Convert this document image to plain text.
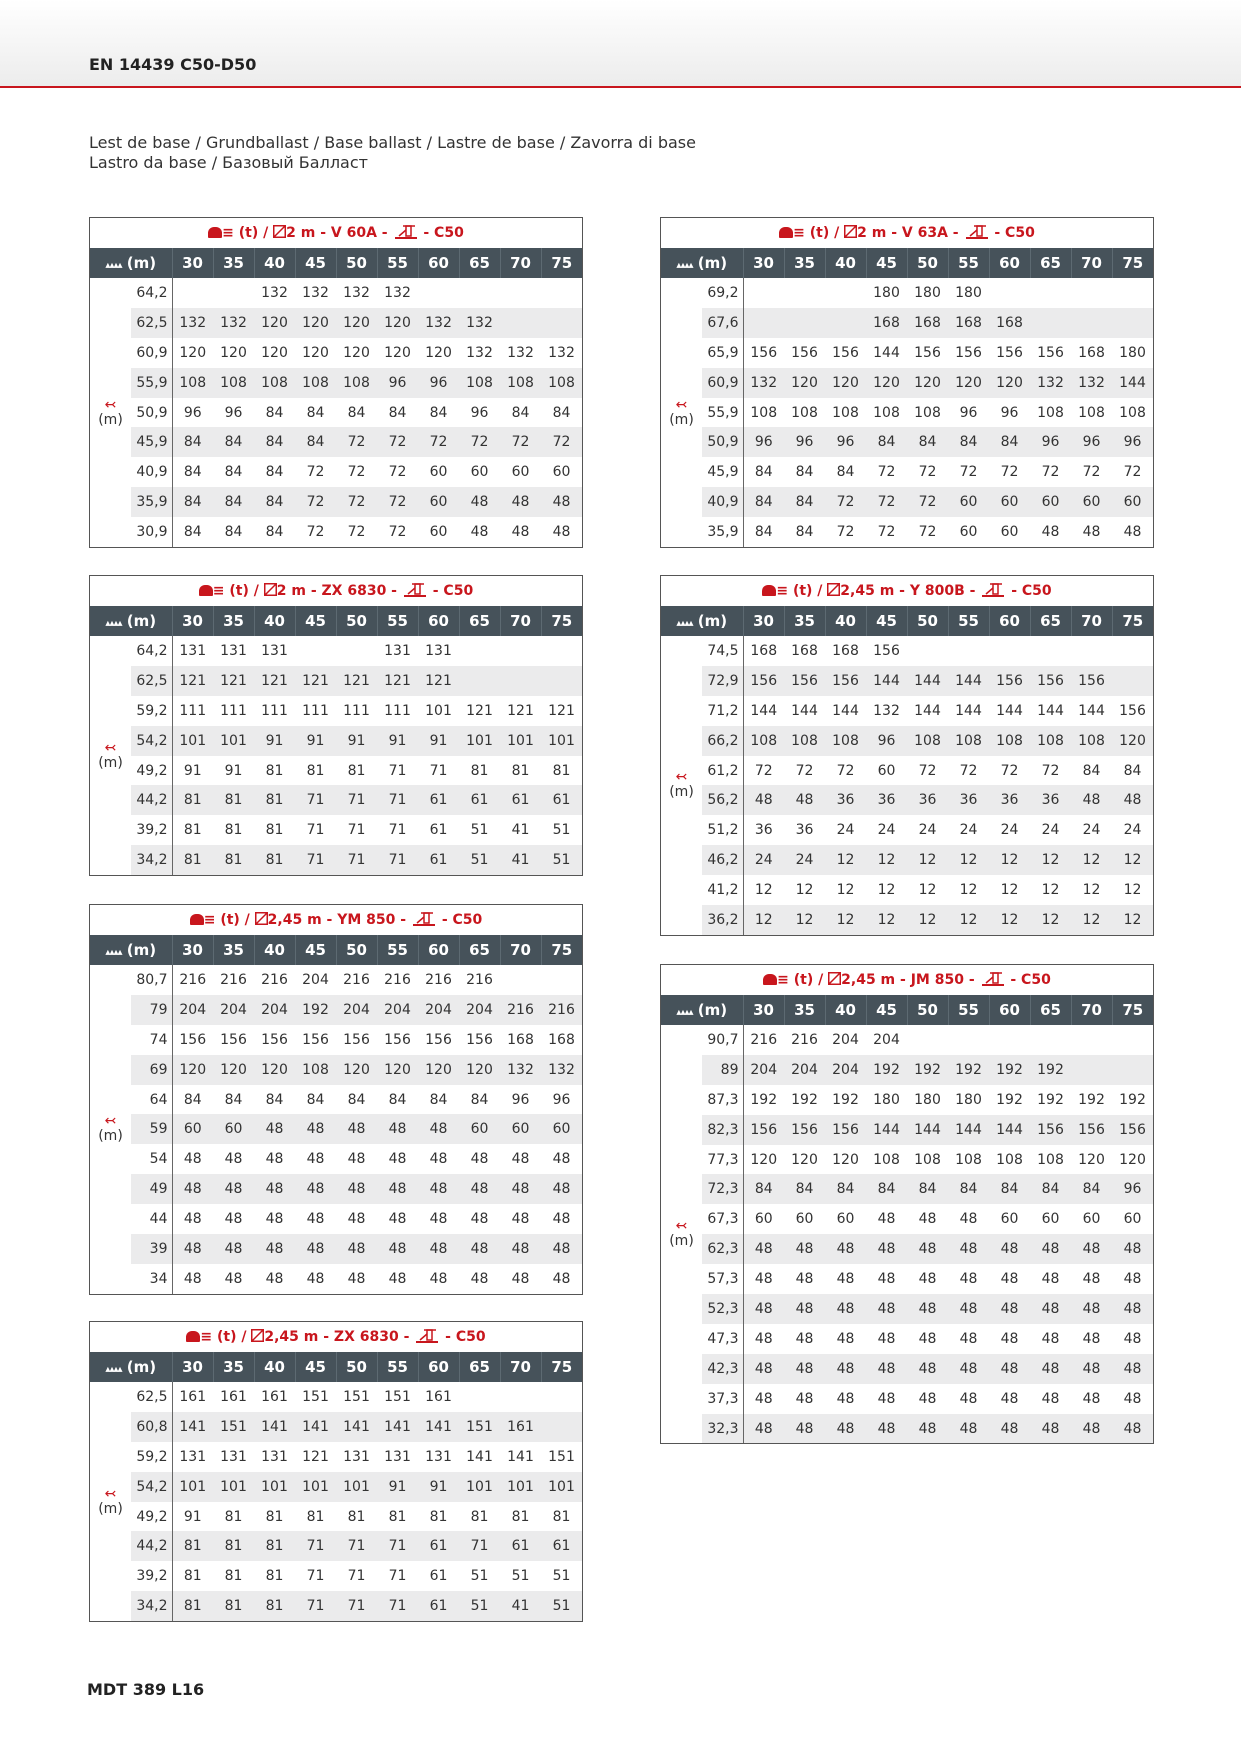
EN 14439 C50-D50
Lest de base / Grundballast / Base ballast / Lastre de base / Zavorra di base
Lastro da base / Базовый Балласт
≡ (t) / 2 m - V 60A -  - C50											
▴▴▴▴ (m)		30	35	40	45	50	55	60	65	70	75

↢
(m)	64,2			132	132	132	132				
	62,5	132	132	120	120	120	120	132	132		
	60,9	120	120	120	120	120	120	120	132	132	132
	55,9	108	108	108	108	108	96	96	108	108	108
	50,9	96	96	84	84	84	84	84	96	84	84
	45,9	84	84	84	84	72	72	72	72	72	72
	40,9	84	84	84	72	72	72	60	60	60	60
	35,9	84	84	84	72	72	72	60	48	48	48
	30,9	84	84	84	72	72	72	60	48	48	48
≡ (t) / 2 m - V 63A -  - C50											
▴▴▴▴ (m)		30	35	40	45	50	55	60	65	70	75

↢
(m)	69,2				180	180	180				
	67,6				168	168	168	168			
	65,9	156	156	156	144	156	156	156	156	168	180
	60,9	132	120	120	120	120	120	120	132	132	144
	55,9	108	108	108	108	108	96	96	108	108	108
	50,9	96	96	96	84	84	84	84	96	96	96
	45,9	84	84	84	72	72	72	72	72	72	72
	40,9	84	84	72	72	72	60	60	60	60	60
	35,9	84	84	72	72	72	60	60	48	48	48
≡ (t) / 2 m - ZX 6830 -  - C50											
▴▴▴▴ (m)		30	35	40	45	50	55	60	65	70	75

↢
(m)	64,2	131	131	131			131	131			
	62,5	121	121	121	121	121	121	121			
	59,2	111	111	111	111	111	111	101	121	121	121
	54,2	101	101	91	91	91	91	91	101	101	101
	49,2	91	91	81	81	81	71	71	81	81	81
	44,2	81	81	81	71	71	71	61	61	61	61
	39,2	81	81	81	71	71	71	61	51	41	51
	34,2	81	81	81	71	71	71	61	51	41	51
≡ (t) / 2,45 m - Y 800B -  - C50											
▴▴▴▴ (m)		30	35	40	45	50	55	60	65	70	75

↢
(m)	74,5	168	168	168	156						
	72,9	156	156	156	144	144	144	156	156	156	
	71,2	144	144	144	132	144	144	144	144	144	156
	66,2	108	108	108	96	108	108	108	108	108	120
	61,2	72	72	72	60	72	72	72	72	84	84
	56,2	48	48	36	36	36	36	36	36	48	48
	51,2	36	36	24	24	24	24	24	24	24	24
	46,2	24	24	12	12	12	12	12	12	12	12
	41,2	12	12	12	12	12	12	12	12	12	12
	36,2	12	12	12	12	12	12	12	12	12	12
≡ (t) / 2,45 m - YM 850 -  - C50											
▴▴▴▴ (m)		30	35	40	45	50	55	60	65	70	75

↢
(m)	80,7	216	216	216	204	216	216	216	216		
	79	204	204	204	192	204	204	204	204	216	216
	74	156	156	156	156	156	156	156	156	168	168
	69	120	120	120	108	120	120	120	120	132	132
	64	84	84	84	84	84	84	84	84	96	96
	59	60	60	48	48	48	48	48	60	60	60
	54	48	48	48	48	48	48	48	48	48	48
	49	48	48	48	48	48	48	48	48	48	48
	44	48	48	48	48	48	48	48	48	48	48
	39	48	48	48	48	48	48	48	48	48	48
	34	48	48	48	48	48	48	48	48	48	48
≡ (t) / 2,45 m - JM 850 -  - C50											
▴▴▴▴ (m)		30	35	40	45	50	55	60	65	70	75

↢
(m)	90,7	216	216	204	204						
	89	204	204	204	192	192	192	192	192		
	87,3	192	192	192	180	180	180	192	192	192	192
	82,3	156	156	156	144	144	144	144	156	156	156
	77,3	120	120	120	108	108	108	108	108	120	120
	72,3	84	84	84	84	84	84	84	84	84	96
	67,3	60	60	60	48	48	48	60	60	60	60
	62,3	48	48	48	48	48	48	48	48	48	48
	57,3	48	48	48	48	48	48	48	48	48	48
	52,3	48	48	48	48	48	48	48	48	48	48
	47,3	48	48	48	48	48	48	48	48	48	48
	42,3	48	48	48	48	48	48	48	48	48	48
	37,3	48	48	48	48	48	48	48	48	48	48
	32,3	48	48	48	48	48	48	48	48	48	48
≡ (t) / 2,45 m - ZX 6830 -  - C50											
▴▴▴▴ (m)		30	35	40	45	50	55	60	65	70	75

↢
(m)	62,5	161	161	161	151	151	151	161			
	60,8	141	151	141	141	141	141	141	151	161	
	59,2	131	131	131	121	131	131	131	141	141	151
	54,2	101	101	101	101	101	91	91	101	101	101
	49,2	91	81	81	81	81	81	81	81	81	81
	44,2	81	81	81	71	71	71	61	71	61	61
	39,2	81	81	81	71	71	71	61	51	51	51
	34,2	81	81	81	71	71	71	61	51	41	51
MDT 389 L16
